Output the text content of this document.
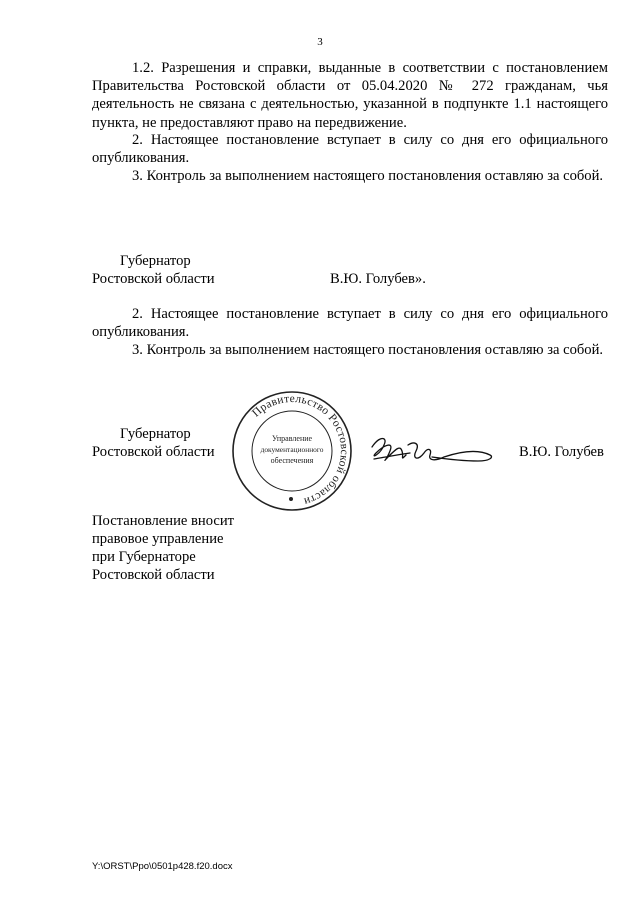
3
1.2. Разрешения и справки, выданные в соответствии с постановлением Правительства Ростовской области от 05.04.2020 № 272 гражданам, чья деятельность не связана с деятельностью, указанной в подпункте 1.1 настоящего пункта, не предоставляют право на передвижение.
2. Настоящее постановление вступает в силу со дня его официального опубликования.
3. Контроль за выполнением настоящего постановления оставляю за собой.
Губернатор
Ростовской области	В.Ю. Голубев».
2. Настоящее постановление вступает в силу со дня его официального опубликования.
3. Контроль за выполнением настоящего постановления оставляю за собой.
Губернатор
Ростовской области	В.Ю. Голубев
Правительство Ростовской области
Управление
документационного
обеспечения
Постановление вносит
правовое управление
при Губернаторе
Ростовской области
Y:\ORST\Ppo\0501p428.f20.docx
